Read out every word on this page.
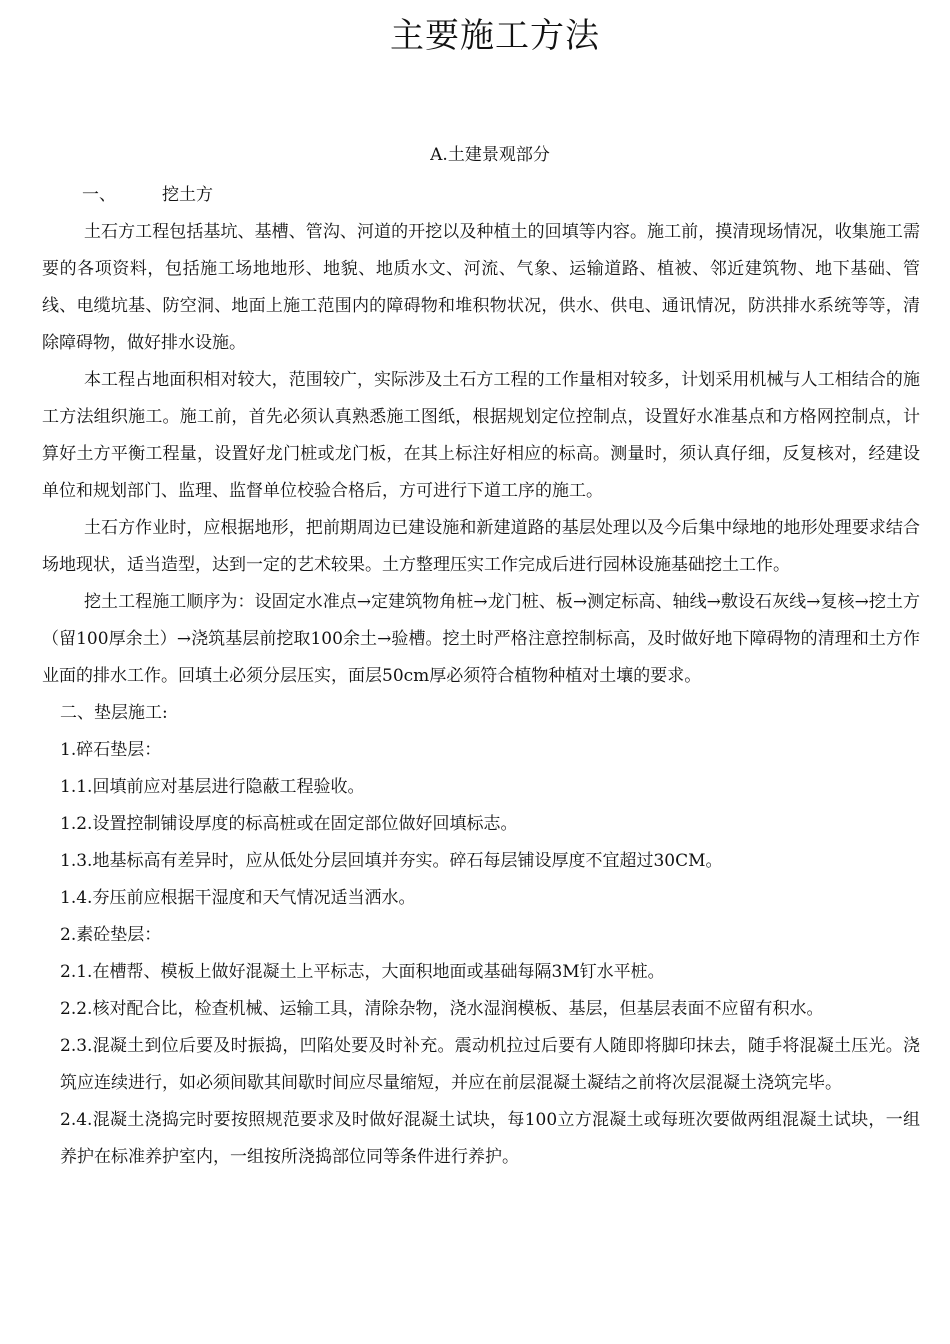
主要施工方法
A.土建景观部分

一、	挖土方

土石方工程包括基坑、基槽、管沟、河道的开挖以及种植土的回填等内容。施工前，摸清现场情况，收集施工需要的各项资料，包括施工场地地形、地貌、地质水文、河流、气象、运输道路、植被、邻近建筑物、地下基础、管线、电缆坑基、防空洞、地面上施工范围内的障碍物和堆积物状况，供水、供电、通讯情况，防洪排水系统等等，清除障碍物，做好排水设施。

本工程占地面积相对较大，范围较广，实际涉及土石方工程的工作量相对较多，计划采用机械与人工相结合的施工方法组织施工。施工前，首先必须认真熟悉施工图纸，根据规划定位控制点，设置好水准基点和方格网控制点，计算好土方平衡工程量，设置好龙门桩或龙门板，在其上标注好相应的标高。测量时，须认真仔细，反复核对，经建设单位和规划部门、监理、监督单位校验合格后，方可进行下道工序的施工。

土石方作业时，应根据地形，把前期周边已建设施和新建道路的基层处理以及今后集中绿地的地形处理要求结合场地现状，适当造型，达到一定的艺术较果。土方整理压实工作完成后进行园林设施基础挖土工作。

挖土工程施工顺序为：设固定水准点→定建筑物角桩→龙门桩、板→测定标高、轴线→敷设石灰线→复核→挖土方（留100厚余土）→浇筑基层前挖取100余土→验槽。挖土时严格注意控制标高，及时做好地下障碍物的清理和土方作业面的排水工作。回填土必须分层压实，面层50cm厚必须符合植物种植对土壤的要求。

二、垫层施工:

1.碎石垫层：

1.1.回填前应对基层进行隐蔽工程验收。

1.2.设置控制铺设厚度的标高桩或在固定部位做好回填标志。

1.3.地基标高有差异时，应从低处分层回填并夯实。碎石每层铺设厚度不宜超过30CM。

1.4.夯压前应根据干湿度和天气情况适当洒水。

2.素砼垫层：

2.1.在槽帮、模板上做好混凝土上平标志，大面积地面或基础每隔3M钉水平桩。

2.2.核对配合比，检查机械、运输工具，清除杂物，浇水湿润模板、基层，但基层表面不应留有积水。

2.3.混凝土到位后要及时振捣，凹陷处要及时补充。震动机拉过后要有人随即将脚印抹去，随手将混凝土压光。浇筑应连续进行，如必须间歇其间歇时间应尽量缩短，并应在前层混凝土凝结之前将次层混凝土浇筑完毕。

2.4.混凝土浇捣完时要按照规范要求及时做好混凝土试块，每100立方混凝土或每班次要做两组混凝土试块，一组养护在标准养护室内，一组按所浇捣部位同等条件进行养护。
